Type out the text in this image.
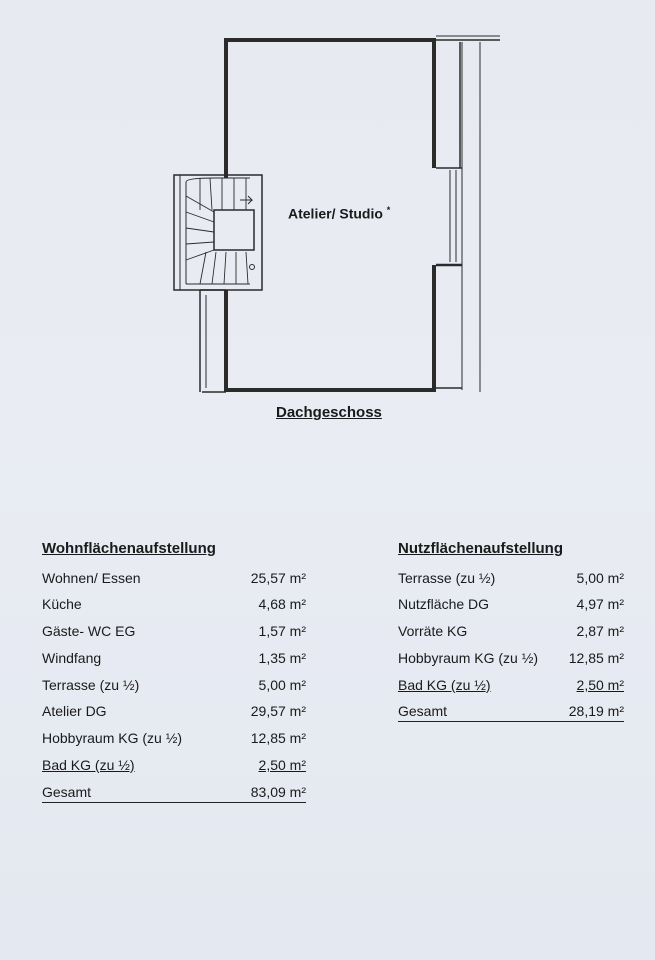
Atelier/ Studio *
Dachgeschoss
Wohnflächenaufstellung
Wohnen/ Essen	25,57 m²
Küche	4,68 m²
Gäste- WC EG	1,57 m²
Windfang	1,35 m²
Terrasse (zu ½)	5,00 m²
Atelier DG	29,57 m²
Hobbyraum KG (zu ½)	12,85 m²
Bad KG (zu ½)	2,50 m²
Gesamt	83,09 m²
Nutzflächenaufstellung
Terrasse (zu ½)	5,00 m²
Nutzfläche DG	4,97 m²
Vorräte KG	2,87 m²
Hobbyraum KG (zu ½) 12,85 m²
Bad KG (zu ½)	2,50 m²
Gesamt	28,19 m²
